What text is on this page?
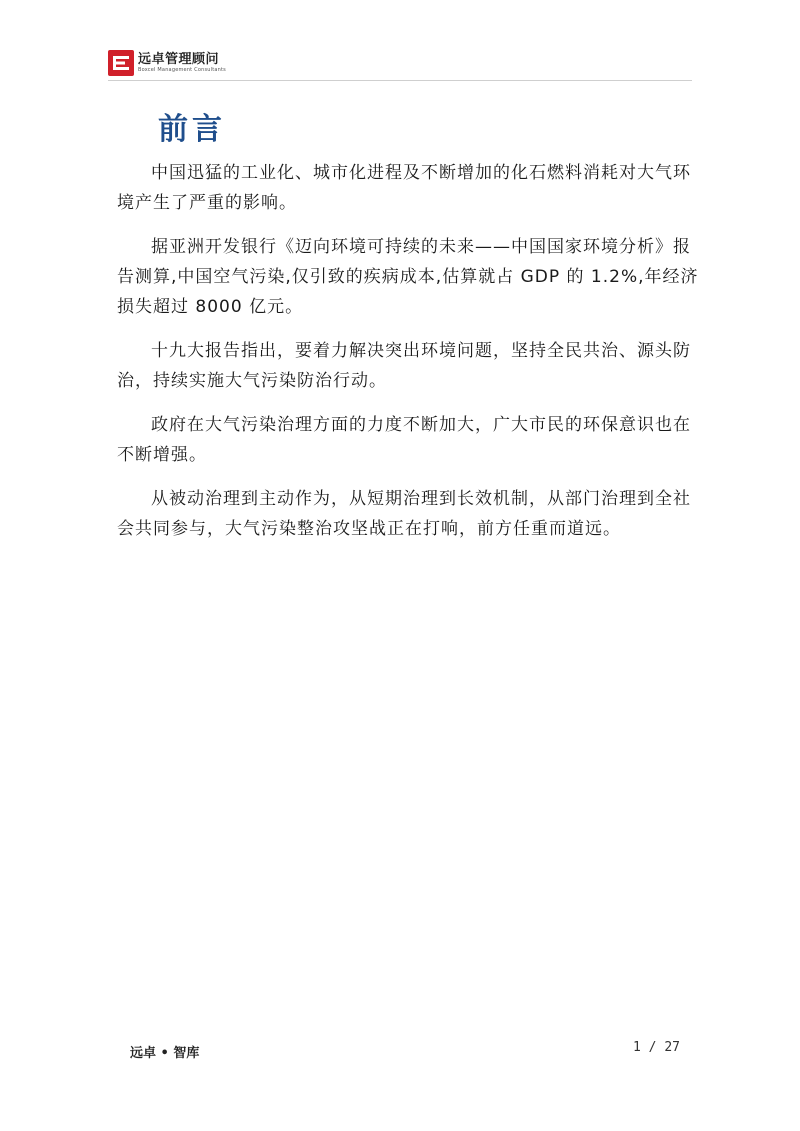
远卓管理顾问
Boxcel Management Consultants
前言

中国迅猛的工业化、城市化进程及不断增加的化石燃料消耗对大气环境产生了严重的影响。

据亚洲开发银行《迈向环境可持续的未来——中国国家环境分析》报告测算,中国空气污染,仅引致的疾病成本,估算就占 GDP 的 1.2%,年经济损失超过 8000 亿元。

十九大报告指出，要着力解决突出环境问题，坚持全民共治、源头防治，持续实施大气污染防治行动。

政府在大气污染治理方面的力度不断加大，广大市民的环保意识也在不断增强。

从被动治理到主动作为，从短期治理到长效机制，从部门治理到全社会共同参与，大气污染整治攻坚战正在打响，前方任重而道远。

远卓 • 智库	1 / 27
